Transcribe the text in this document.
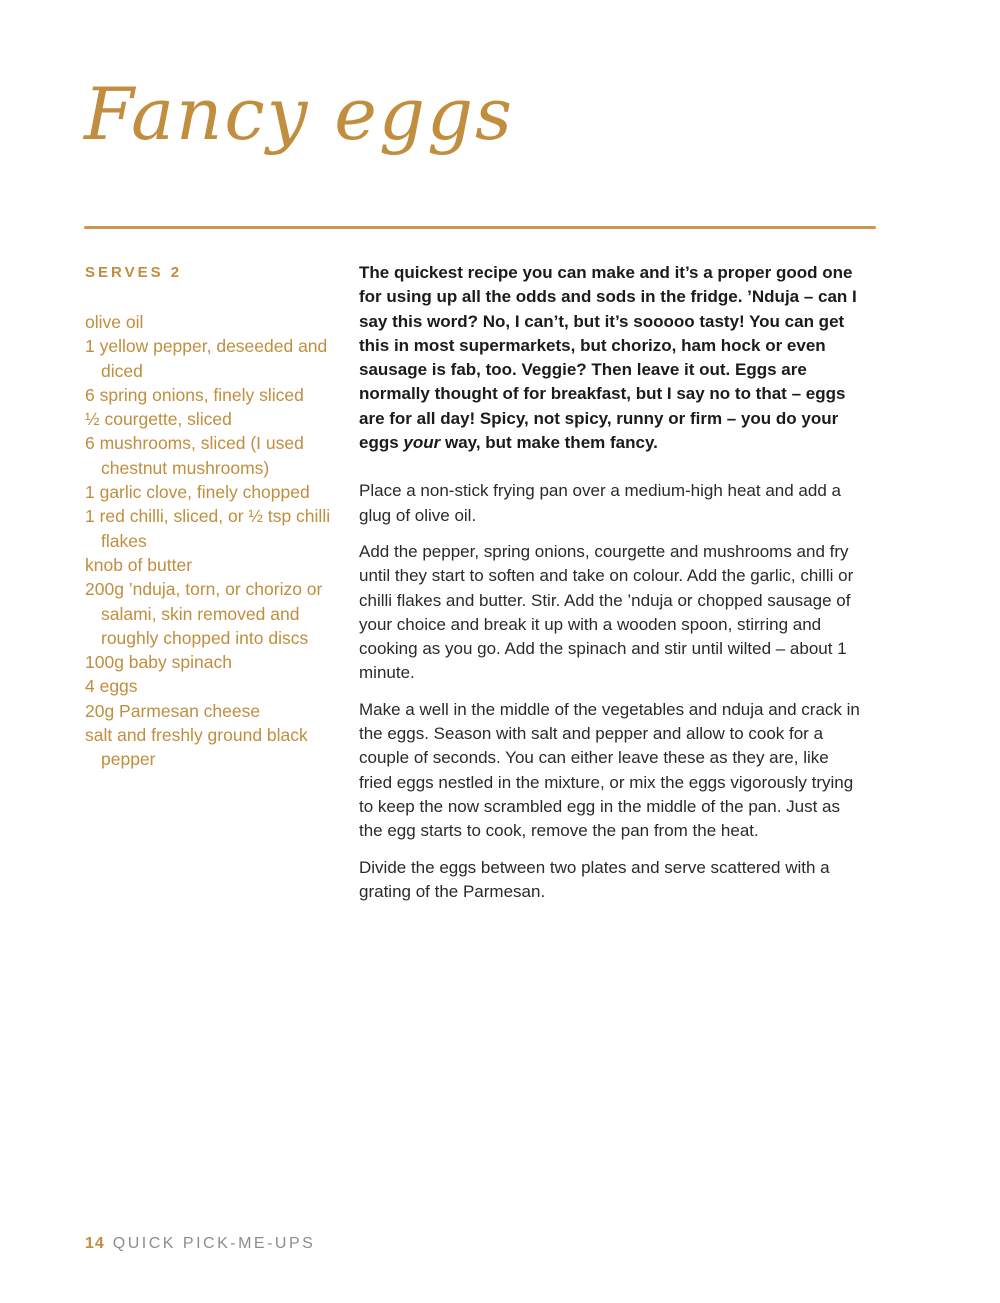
Fancy eggs
SERVES 2
olive oil
1 yellow pepper, deseeded and diced
6 spring onions, finely sliced
½ courgette, sliced
6 mushrooms, sliced (I used chestnut mushrooms)
1 garlic clove, finely chopped
1 red chilli, sliced, or ½ tsp chilli flakes
knob of butter
200g ’nduja, torn, or chorizo or salami, skin removed and roughly chopped into discs
100g baby spinach
4 eggs
20g Parmesan cheese
salt and freshly ground black pepper

The quickest recipe you can make and it’s a proper good one for using up all the odds and sods in the fridge. ’Nduja – can I say this word? No, I can’t, but it’s sooooo tasty! You can get this in most supermarkets, but chorizo, ham hock or even sausage is fab, too. Veggie? Then leave it out. Eggs are normally thought of for breakfast, but I say no to that – eggs are for all day! Spicy, not spicy, runny or firm – you do your eggs your way, but make them fancy.

Place a non-stick frying pan over a medium-high heat and add a glug of olive oil.

Add the pepper, spring onions, courgette and mushrooms and fry until they start to soften and take on colour. Add the garlic, chilli or chilli flakes and butter. Stir. Add the ’nduja or chopped sausage of your choice and break it up with a wooden spoon, stirring and cooking as you go. Add the spinach and stir until wilted – about 1 minute.

Make a well in the middle of the vegetables and nduja and crack in the eggs. Season with salt and pepper and allow to cook for a couple of seconds. You can either leave these as they are, like fried eggs nestled in the mixture, or mix the eggs vigorously trying to keep the now scrambled egg in the middle of the pan. Just as the egg starts to cook, remove the pan from the heat.

Divide the eggs between two plates and serve scattered with a grating of the Parmesan.

14 QUICK PICK-ME-UPS
